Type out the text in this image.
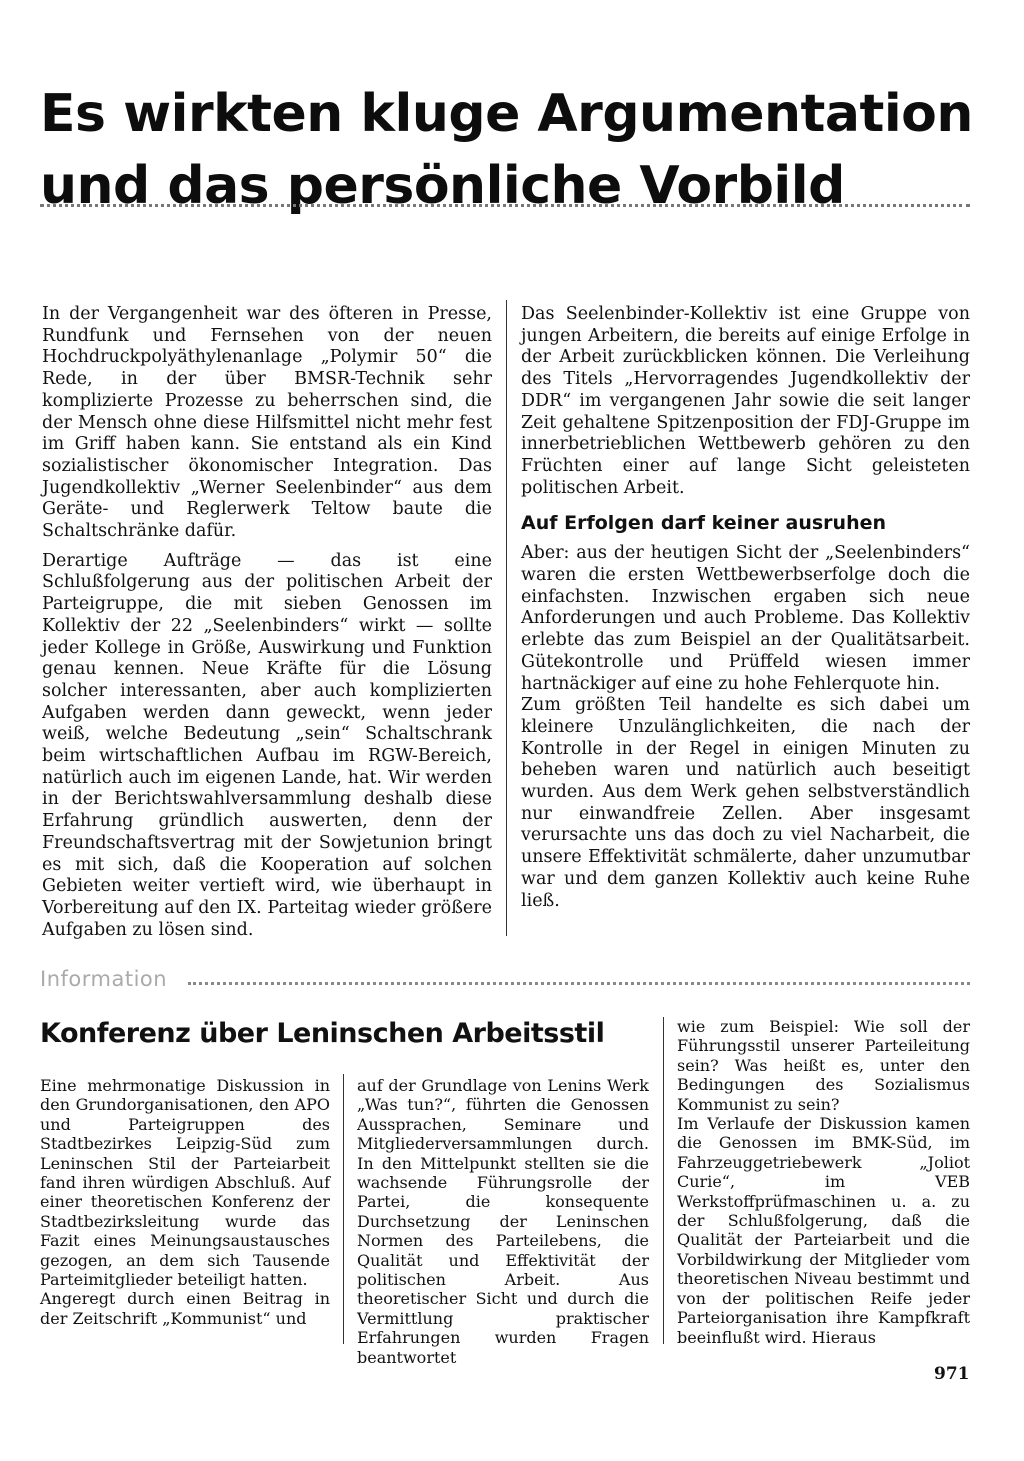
Es wirkten kluge Argumentation und das persönliche Vorbild

In der Vergangenheit war des öfteren in Presse, Rundfunk und Fernsehen von der neuen Hochdruckpolyäthylenanlage „Polymir 50“ die Rede, in der über BMSR-Technik sehr komplizierte Prozesse zu beherrschen sind, die der Mensch ohne diese Hilfsmittel nicht mehr fest im Griff haben kann. Sie entstand als ein Kind sozialistischer ökonomischer Integration. Das Jugendkollektiv „Werner Seelenbinder“ aus dem Geräte- und Reglerwerk Teltow baute die Schaltschränke dafür.

Derartige Aufträge — das ist eine Schlußfolgerung aus der politischen Arbeit der Parteigruppe, die mit sieben Genossen im Kollektiv der 22 „Seelenbinders“ wirkt — sollte jeder Kollege in Größe, Auswirkung und Funktion genau kennen. Neue Kräfte für die Lösung solcher interessanten, aber auch komplizierten Aufgaben werden dann geweckt, wenn jeder weiß, welche Bedeutung „sein“ Schaltschrank beim wirtschaftlichen Aufbau im RGW-Bereich, natürlich auch im eigenen Lande, hat. Wir werden in der Berichtswahlversammlung deshalb diese Erfahrung gründlich auswerten, denn der Freundschaftsvertrag mit der Sowjetunion bringt es mit sich, daß die Kooperation auf solchen Gebieten weiter vertieft wird, wie überhaupt in Vorbereitung auf den IX. Parteitag wieder größere Aufgaben zu lösen sind.

Das Seelenbinder-Kollektiv ist eine Gruppe von jungen Arbeitern, die bereits auf einige Erfolge in der Arbeit zurückblicken können. Die Verleihung des Titels „Hervorragendes Jugendkollektiv der DDR“ im vergangenen Jahr sowie die seit langer Zeit gehaltene Spitzenposition der FDJ-Gruppe im innerbetrieblichen Wettbewerb gehören zu den Früchten einer auf lange Sicht geleisteten politischen Arbeit.

Auf Erfolgen darf keiner ausruhen

Aber: aus der heutigen Sicht der „Seelenbinders“ waren die ersten Wettbewerbserfolge doch die einfachsten. Inzwischen ergaben sich neue Anforderungen und auch Probleme. Das Kollektiv erlebte das zum Beispiel an der Qualitätsarbeit. Gütekontrolle und Prüffeld wiesen immer hartnäckiger auf eine zu hohe Fehlerquote hin.

Zum größten Teil handelte es sich dabei um kleinere Unzulänglichkeiten, die nach der Kontrolle in der Regel in einigen Minuten zu beheben waren und natürlich auch beseitigt wurden. Aus dem Werk gehen selbstverständlich nur einwandfreie Zellen. Aber insgesamt verursachte uns das doch zu viel Nacharbeit, die unsere Effektivität schmälerte, daher unzumutbar war und dem ganzen Kollektiv auch keine Ruhe ließ.

Information
Konferenz über Leninschen Arbeitsstil

Eine mehrmonatige Diskussion in den Grundorganisationen, den APO und Parteigruppen des Stadtbezirkes Leipzig-Süd zum Leninschen Stil der Parteiarbeit fand ihren würdigen Abschluß. Auf einer theoretischen Konferenz der Stadtbezirksleitung wurde das Fazit eines Meinungsaustausches gezogen, an dem sich Tausende Parteimitglieder beteiligt hatten.

Angeregt durch einen Beitrag in der Zeitschrift „Kommunist“ und

auf der Grundlage von Lenins Werk „Was tun?“, führten die Genossen Aussprachen, Seminare und Mitgliederversammlungen durch. In den Mittelpunkt stellten sie die wachsende Führungsrolle der Partei, die konsequente Durchsetzung der Leninschen Normen des Parteilebens, die Qualität und Effektivität der politischen Arbeit. Aus theoretischer Sicht und durch die Vermittlung praktischer Erfahrungen wurden Fragen beantwortet

wie zum Beispiel: Wie soll der Führungsstil unserer Parteileitung sein? Was heißt es, unter den Bedingungen des Sozialismus Kommunist zu sein?

Im Verlaufe der Diskussion kamen die Genossen im BMK-Süd, im Fahrzeuggetriebewerk „Joliot Curie“, im VEB Werkstoffprüfmaschinen u. a. zu der Schlußfolgerung, daß die Qualität der Parteiarbeit und die Vorbildwirkung der Mitglieder vom theoretischen Niveau bestimmt und von der politischen Reife jeder Parteiorganisation ihre Kampfkraft beeinflußt wird. Hieraus

971
